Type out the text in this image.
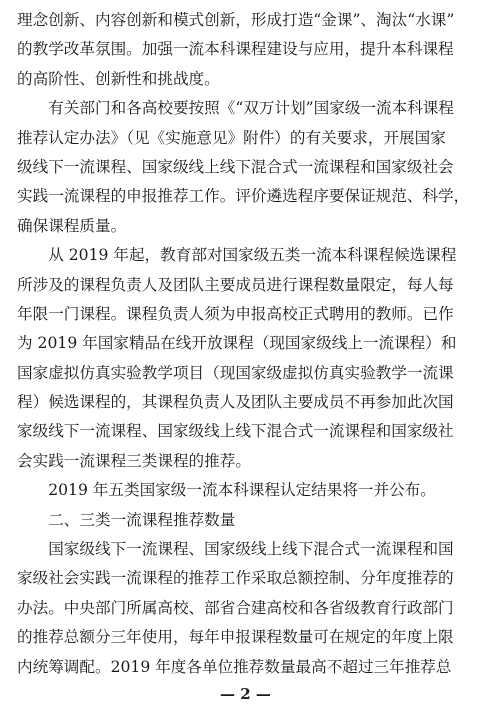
理念创新、内容创新和模式创新，形成打造“金课”、淘汰“水课”
的教学改革氛围。加强一流本科课程建设与应用，提升本科课程
的高阶性、创新性和挑战度。
　　有关部门和各高校要按照《“双万计划”国家级一流本科课程
推荐认定办法》（见《实施意见》附件）的有关要求，开展国家
级线下一流课程、国家级线上线下混合式一流课程和国家级社会
实践一流课程的申报推荐工作。评价遴选程序要保证规范、科学，
确保课程质量。
　　从 2019 年起，教育部对国家级五类一流本科课程候选课程
所涉及的课程负责人及团队主要成员进行课程数量限定，每人每
年限一门课程。课程负责人须为申报高校正式聘用的教师。已作
为 2019 年国家精品在线开放课程（现国家级线上一流课程）和
国家虚拟仿真实验教学项目（现国家级虚拟仿真实验教学一流课
程）候选课程的，其课程负责人及团队主要成员不再参加此次国
家级线下一流课程、国家级线上线下混合式一流课程和国家级社
会实践一流课程三类课程的推荐。
　　2019 年五类国家级一流本科课程认定结果将一并公布。
　　二、三类一流课程推荐数量
　　国家级线下一流课程、国家级线上线下混合式一流课程和国
家级社会实践一流课程的推荐工作采取总额控制、分年度推荐的
办法。中央部门所属高校、部省合建高校和各省级教育行政部门
的推荐总额分三年使用，每年申报课程数量可在规定的年度上限
内统筹调配。2019 年度各单位推荐数量最高不超过三年推荐总
— 2 —
